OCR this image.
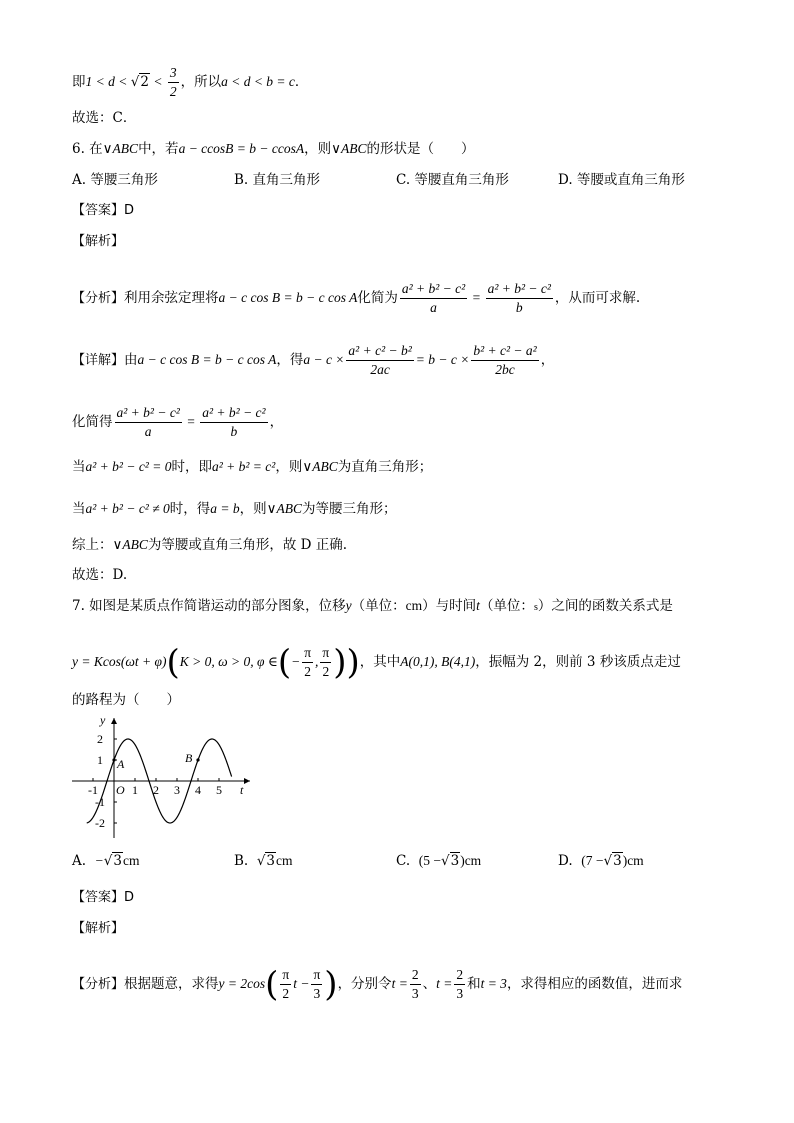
即$1 < d < √2 < \frac{3}{2}$ ，所以a < d < b = c．
故选：C．
6. 在∨ABC中，若a − ccosB = b − ccosA，则∨ABC的形状是（　　）
A. 等腰三角形	B. 直角三角形	C. 等腰直角三角形	D. 等腰或直角三角形
【答案】D
【解析】
【分析】利用余弦定理将a − c cos B = b − c cos A化简为 $\frac{\text{a² + b² − c²}}{a} = \frac{\text{a² + b² − c²}}{b}$ ，从而可求解.
【详解】由a − c cos B = b − c cos A，得$a - c \times \frac{\text{a² + c² − b²}}{2ac} = b - c \times \frac{\text{b² + c² − a²}}{2bc}$ ，
化简得 $\frac{\text{a² + b² − c²}}{a} = \frac{\text{a² + b² − c²}}{b}$ ，
当a² + b² − c² = 0时，即a² + b² = c²，则∨ABC为直角三角形；
当a² + b² − c² ≠ 0时，得a = b，则∨ABC为等腰三角形；
综上：∨ABC为等腰或直角三角形，故 D 正确.
故选：D.
7. 如图是某质点作简谐运动的部分图象，位移y（单位：cm）与时间t（单位：s）之间的函数关系式是
y = Kcos(ωt + φ)(K > 0, ω > 0, φ ∈(− $\frac{\pi}{2}$ , $\frac{\pi}{2}$ ))，其中A(0,1), B(4,1)，振幅为 2，则前 3 秒该质点走过
的路程为（　　）
y
t
O
2
1
-1
-2
-1	1 2 3 4 5
A	B
A. −√3cm	B. √3cm	C. (5 −√3)cm	D. (7 −√3)cm
【答案】D
【解析】
【分析】根据题意，求得$y = 2\cos( \frac{\pi}{2}$ $t - \frac{\pi}{3}$ )，分别令$t = \frac{2}{3}$ 、$t = \frac{2}{3}$ 和t = 3，求得相应的函数值，进而求
